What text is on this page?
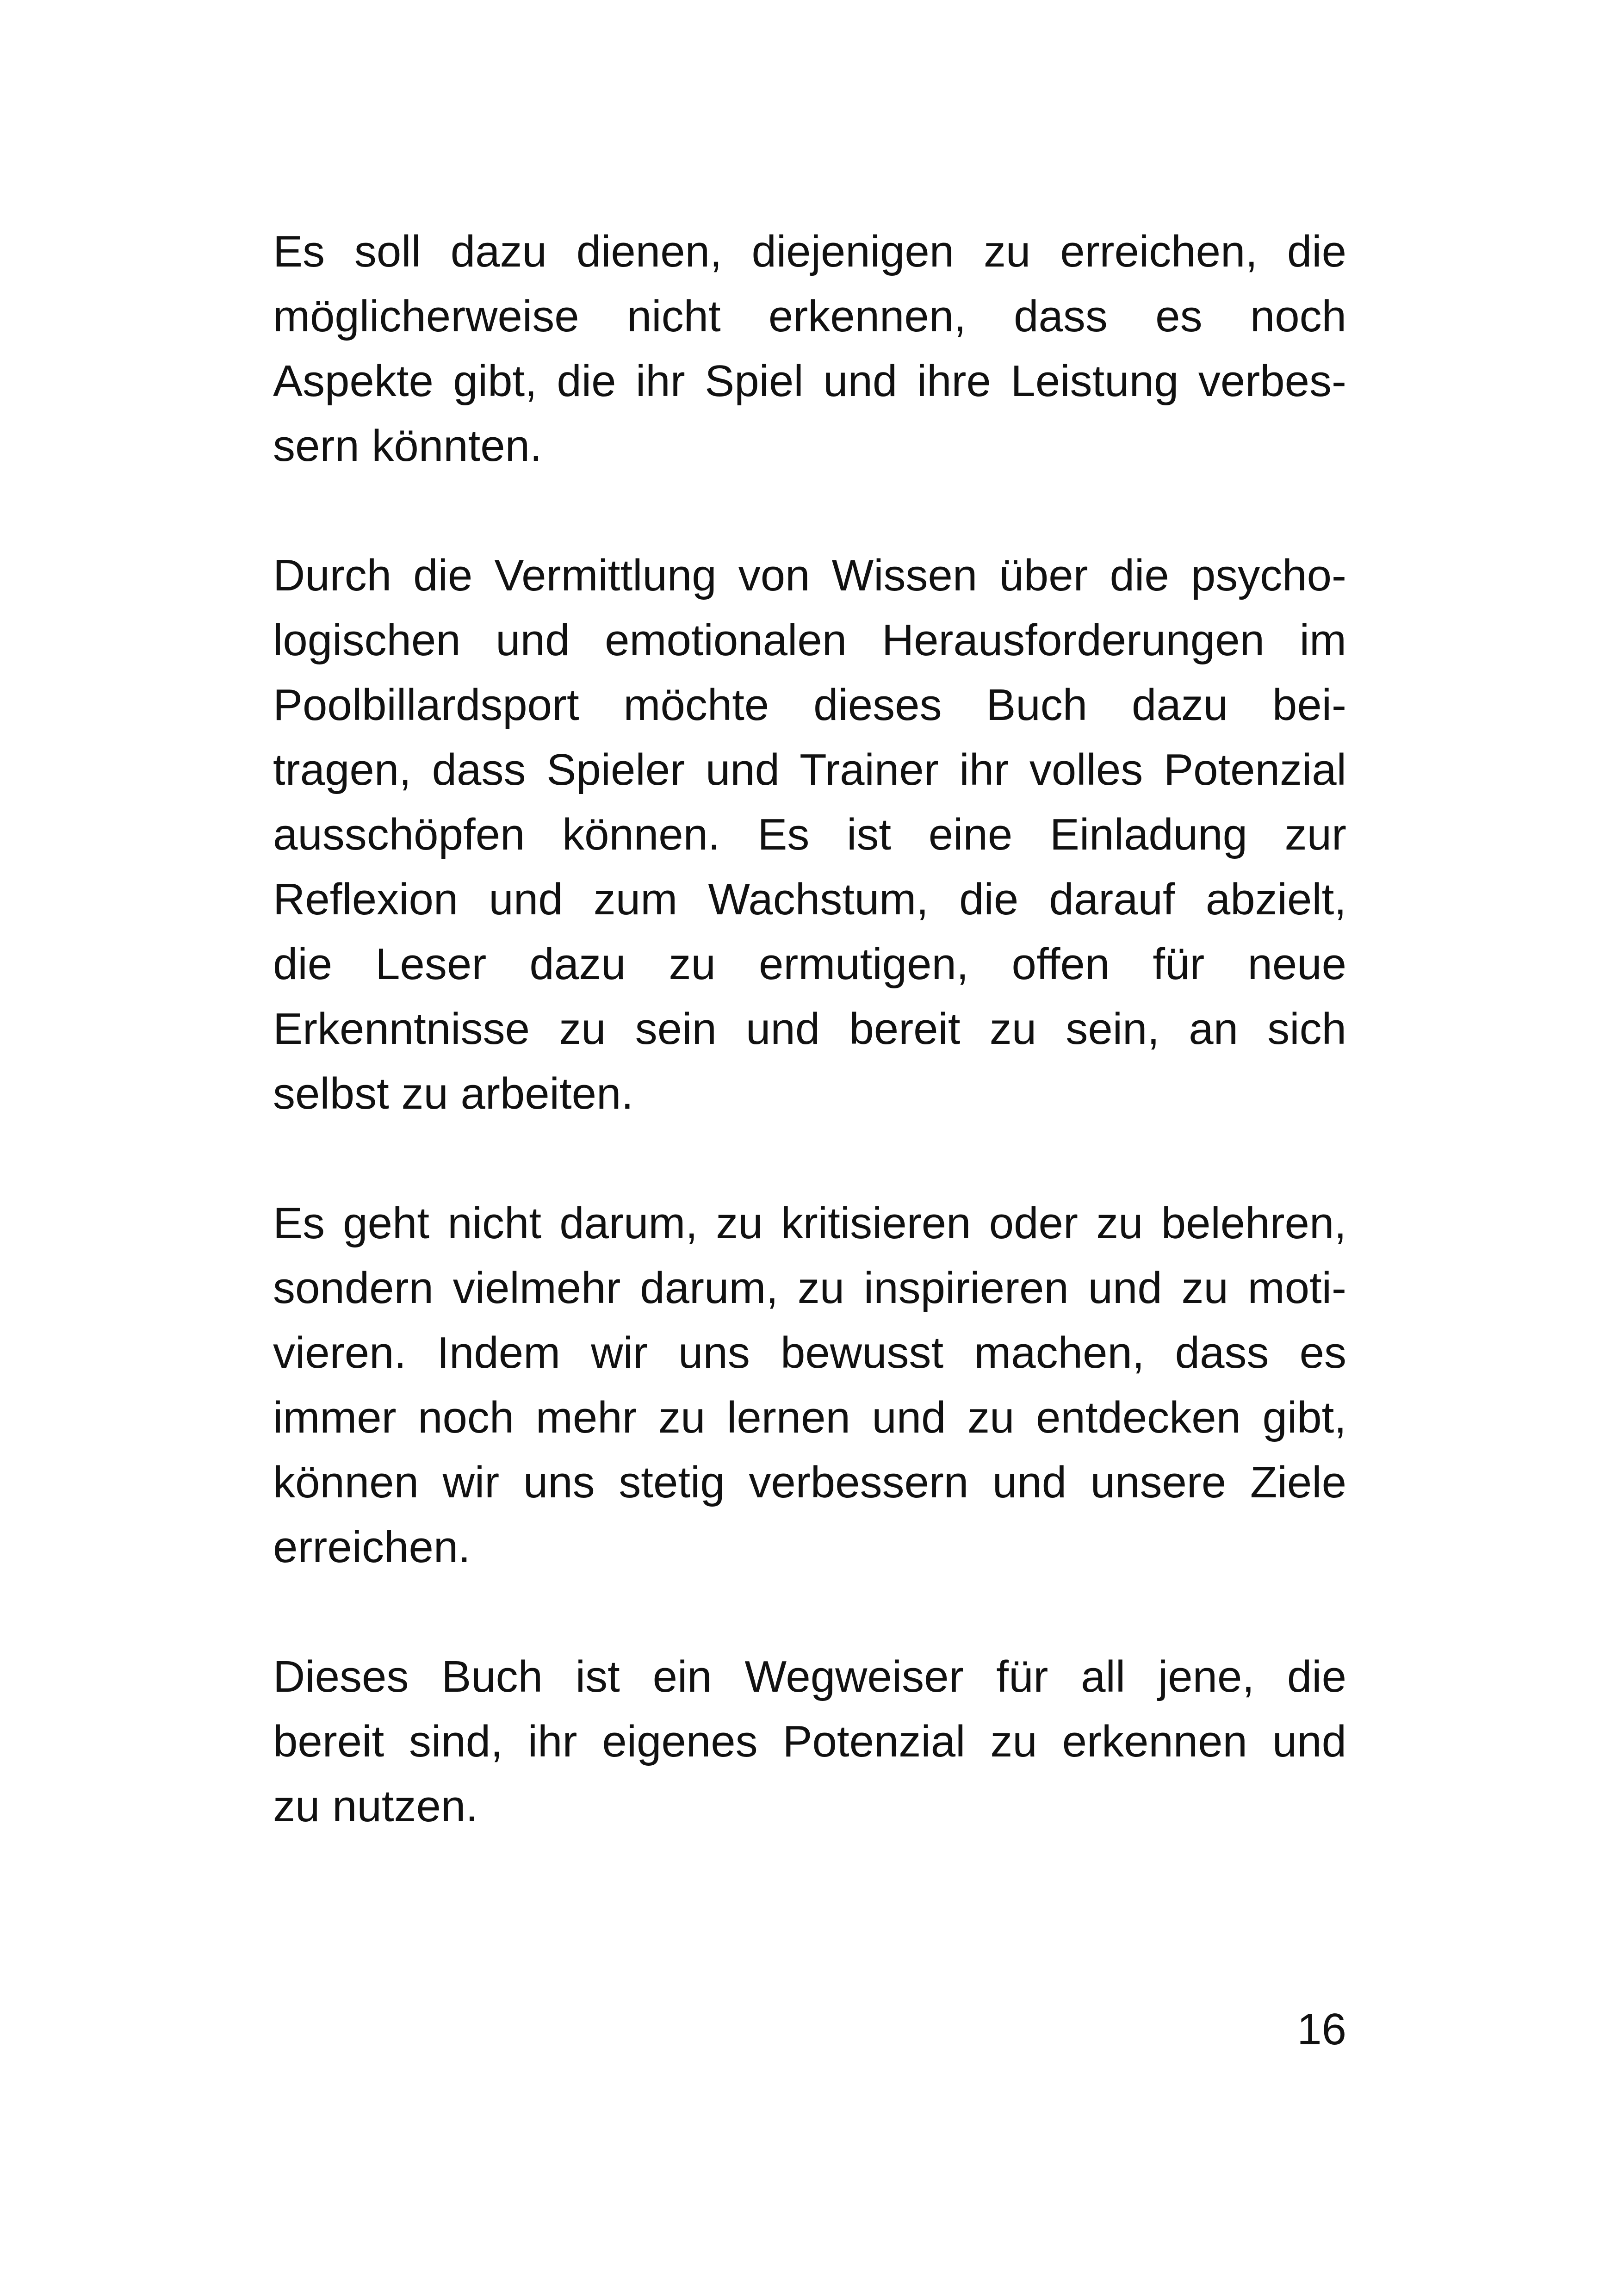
Es soll dazu dienen, diejenigen zu erreichen, die
möglicherweise nicht erkennen, dass es noch
Aspekte gibt, die ihr Spiel und ihre Leistung verbes-
sern könnten.

Durch die Vermittlung von Wissen über die psycho-
logischen und emotionalen Herausforderungen im
Poolbillardsport möchte dieses Buch dazu bei-
tragen, dass Spieler und Trainer ihr volles Potenzial
ausschöpfen können. Es ist eine Einladung zur
Reflexion und zum Wachstum, die darauf abzielt,
die Leser dazu zu ermutigen, offen für neue
Erkenntnisse zu sein und bereit zu sein, an sich
selbst zu arbeiten.

Es geht nicht darum, zu kritisieren oder zu belehren,
sondern vielmehr darum, zu inspirieren und zu moti-
vieren. Indem wir uns bewusst machen, dass es
immer noch mehr zu lernen und zu entdecken gibt,
können wir uns stetig verbessern und unsere Ziele
erreichen.

Dieses Buch ist ein Wegweiser für all jene, die
bereit sind, ihr eigenes Potenzial zu erkennen und
zu nutzen.

16
